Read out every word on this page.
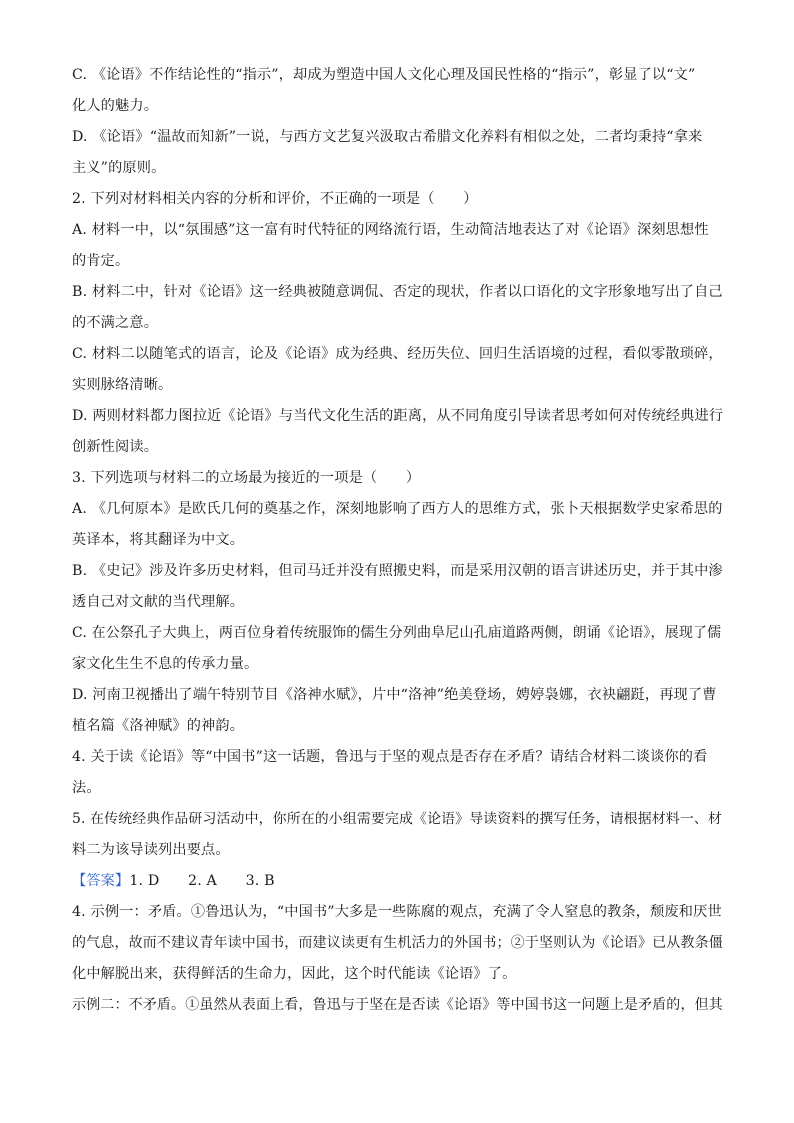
C. 《论语》不作结论性的“指示”，却成为塑造中国人文化心理及国民性格的“指示”，彰显了以“文”
化人的魅力。
D. 《论语》“温故而知新”一说，与西方文艺复兴汲取古希腊文化养料有相似之处，二者均秉持“拿来
主义”的原则。
2. 下列对材料相关内容的分析和评价，不正确的一项是（　　）
A. 材料一中，以“氛围感”这一富有时代特征的网络流行语，生动简洁地表达了对《论语》深刻思想性
的肯定。
B. 材料二中，针对《论语》这一经典被随意调侃、否定的现状，作者以口语化的文字形象地写出了自己
的不满之意。
C. 材料二以随笔式的语言，论及《论语》成为经典、经历失位、回归生活语境的过程，看似零散琐碎，
实则脉络清晰。
D. 两则材料都力图拉近《论语》与当代文化生活的距离，从不同角度引导读者思考如何对传统经典进行
创新性阅读。
3. 下列选项与材料二的立场最为接近的一项是（　　）
A. 《几何原本》是欧氏几何的奠基之作，深刻地影响了西方人的思维方式，张卜天根据数学史家希思的
英译本，将其翻译为中文。
B. 《史记》涉及许多历史材料，但司马迁并没有照搬史料，而是采用汉朝的语言讲述历史，并于其中渗
透自己对文献的当代理解。
C. 在公祭孔子大典上，两百位身着传统服饰的儒生分列曲阜尼山孔庙道路两侧，朗诵《论语》，展现了儒
家文化生生不息的传承力量。
D. 河南卫视播出了端午特别节目《洛神水赋》，片中“洛神”绝美登场，娉婷袅娜，衣袂翩跹，再现了曹
植名篇《洛神赋》的神韵。
4. 关于读《论语》等“中国书”这一话题，鲁迅与于坚的观点是否存在矛盾？请结合材料二谈谈你的看
法。
5. 在传统经典作品研习活动中，你所在的小组需要完成《论语》导读资料的撰写任务，请根据材料一、材
料二为该导读列出要点。
【答案】1. D　　2. A　　3. B
4. 示例一：矛盾。①鲁迅认为，“中国书”大多是一些陈腐的观点，充满了令人窒息的教条，颓废和厌世
的气息，故而不建议青年读中国书，而建议读更有生机活力的外国书；②于坚则认为《论语》已从教条僵
化中解脱出来，获得鲜活的生命力，因此，这个时代能读《论语》了。
示例二：不矛盾。①虽然从表面上看，鲁迅与于坚在是否读《论语》等中国书这一问题上是矛盾的，但其
